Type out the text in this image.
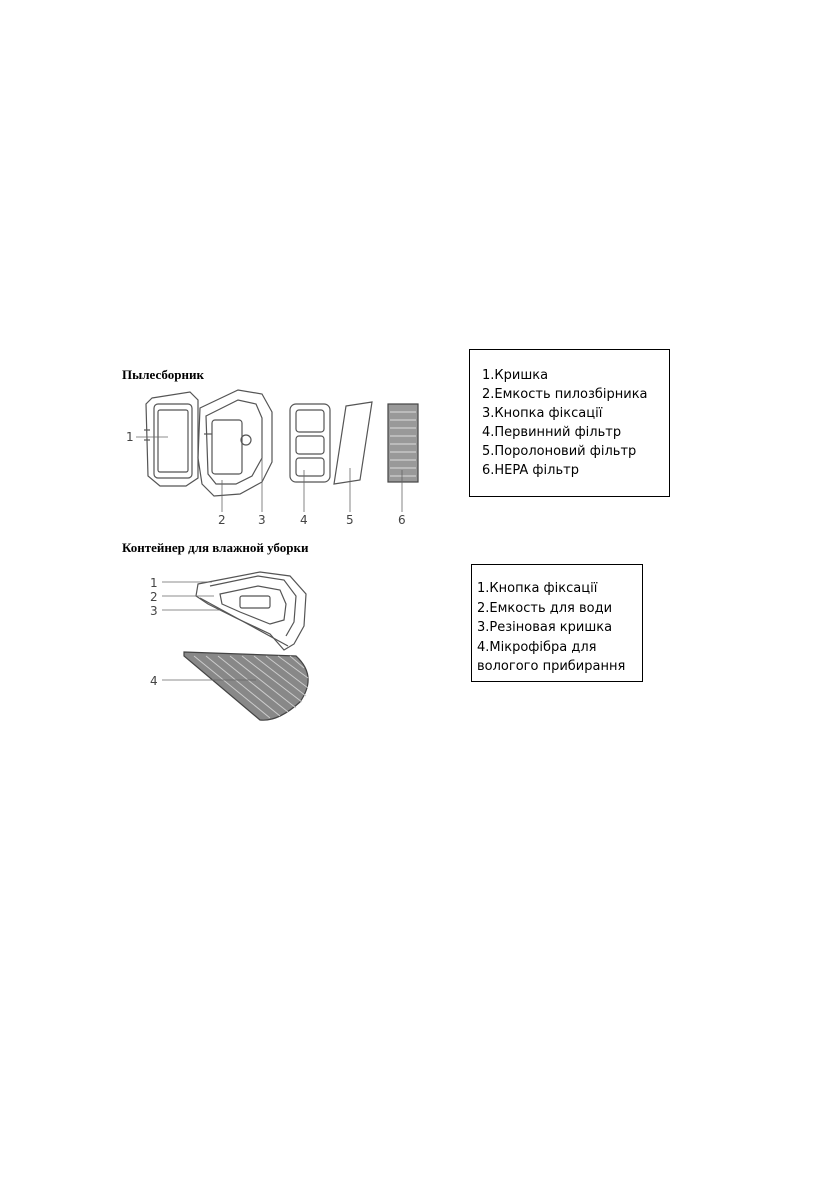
Пылесборник
1
2	3	4	5	6
1.Кришка
2.Емкость пилозбірника
3.Кнопка фіксації
4.Первинний фільтр
5.Поролоновий фільтр
6.HEPA фільтр
Контейнер для влажной уборки
1
2
3
4
1.Кнопка фіксації
2.Емкость для води
3.Резіновая кришка
4.Мікрофібра для
вологого прибирання
